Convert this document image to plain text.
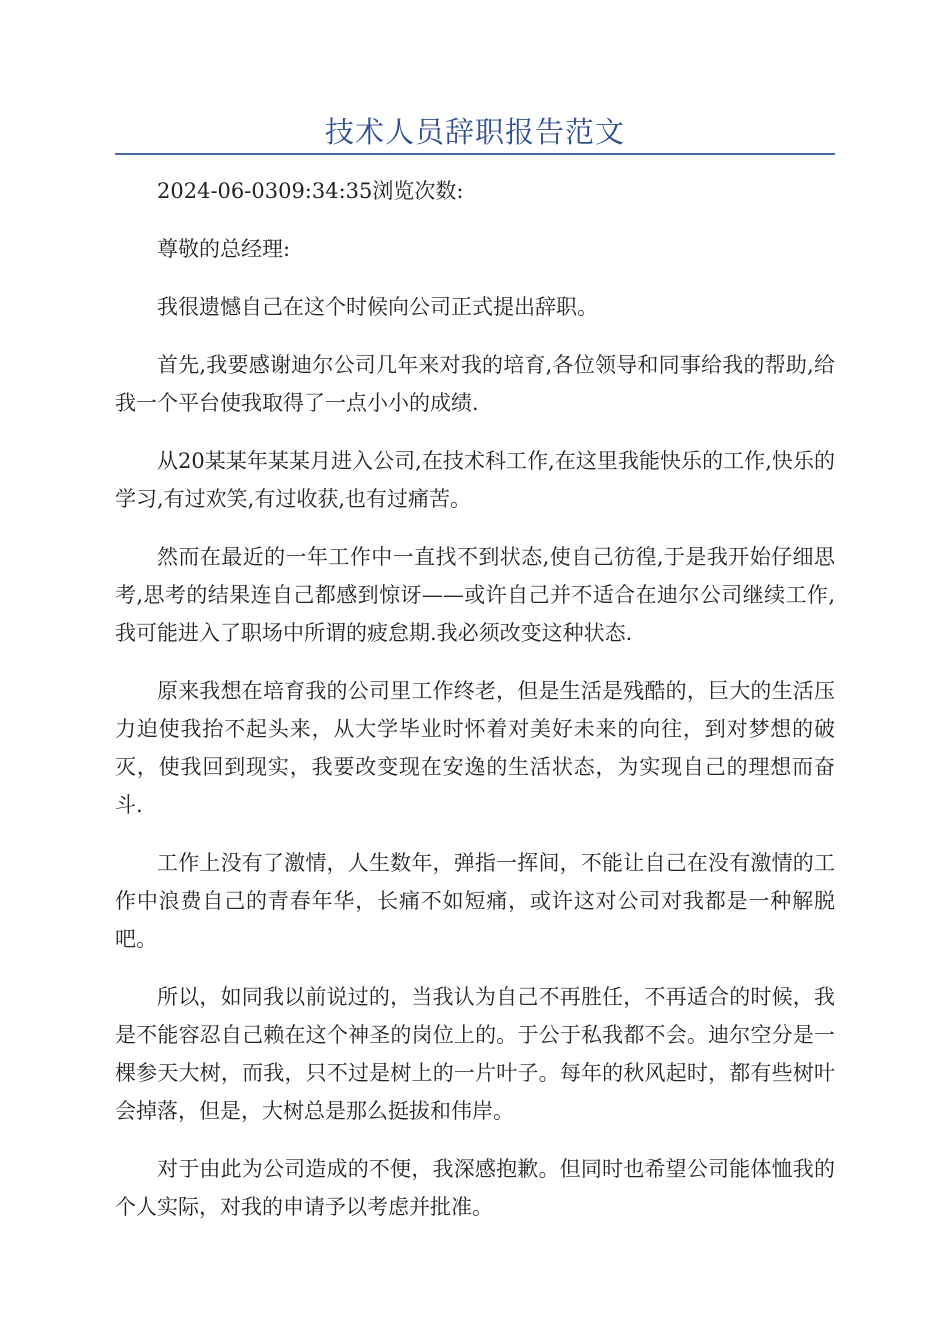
技术人员辞职报告范文

2024-06-0309:34:35浏览次数:

尊敬的总经理:

我很遗憾自己在这个时候向公司正式提出辞职。

首先,我要感谢迪尔公司几年来对我的培育,各位领导和同事给我的帮助,给我一个平台使我取得了一点小小的成绩.

从20某某年某某月进入公司,在技术科工作,在这里我能快乐的工作,快乐的学习,有过欢笑,有过收获,也有过痛苦。

然而在最近的一年工作中一直找不到状态,使自己彷徨,于是我开始仔细思考,思考的结果连自己都感到惊讶——或许自己并不适合在迪尔公司继续工作,我可能进入了职场中所谓的疲怠期.我必须改变这种状态.

原来我想在培育我的公司里工作终老，但是生活是残酷的，巨大的生活压力迫使我抬不起头来，从大学毕业时怀着对美好未来的向往，到对梦想的破灭，使我回到现实，我要改变现在安逸的生活状态，为实现自己的理想而奋斗.

工作上没有了激情，人生数年，弹指一挥间，不能让自己在没有激情的工作中浪费自己的青春年华，长痛不如短痛，或许这对公司对我都是一种解脱吧。

所以，如同我以前说过的，当我认为自己不再胜任，不再适合的时候，我是不能容忍自己赖在这个神圣的岗位上的。于公于私我都不会。迪尔空分是一棵参天大树，而我，只不过是树上的一片叶子。每年的秋风起时，都有些树叶会掉落，但是，大树总是那么挺拔和伟岸。

对于由此为公司造成的不便，我深感抱歉。但同时也希望公司能体恤我的个人实际，对我的申请予以考虑并批准。
